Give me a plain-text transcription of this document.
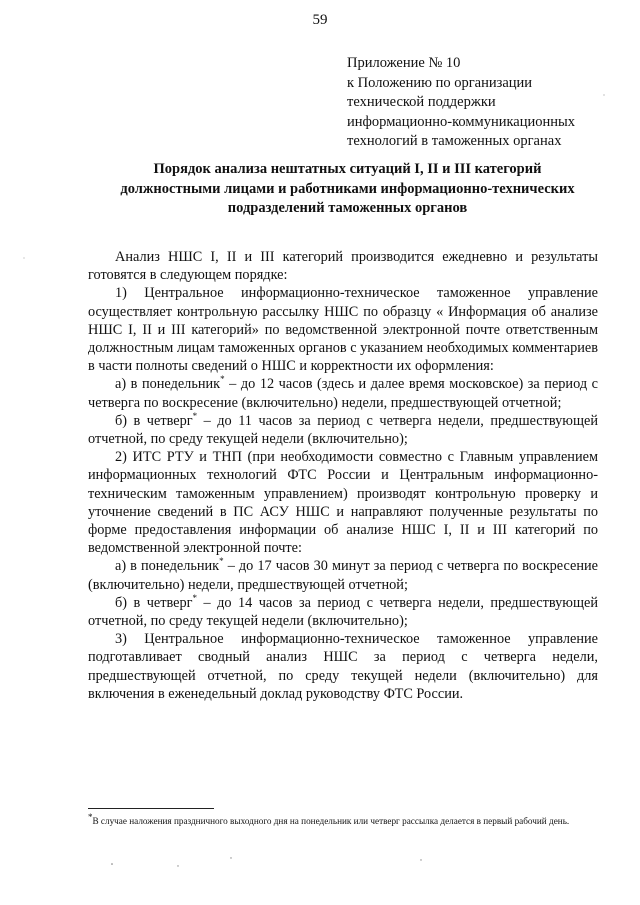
59
Приложение № 10
к Положению по организации
технической поддержки
информационно-коммуникационных
технологий в таможенных органах
Порядок анализа нештатных ситуаций I, II и III категорий
должностными лицами и работниками информационно-технических
подразделений таможенных органов

Анализ НШС I, II и III категорий производится ежедневно и результаты готовятся в следующем порядке:

1) Центральное информационно-техническое таможенное управление осуществляет контрольную рассылку НШС по образцу « Информация об анализе НШС I, II и III категорий» по ведомственной электронной почте ответственным должностным лицам таможенных органов с указанием необходимых комментариев в части полноты сведений о НШС и корректности их оформления:

а) в понедельник* – до 12 часов (здесь и далее время московское) за период с четверга по воскресение (включительно) недели, предшествующей отчетной;

б) в четверг* – до 11 часов за период с четверга недели, предшествующей отчетной, по среду текущей недели (включительно);

2) ИТС РТУ и ТНП (при необходимости совместно с Главным управлением информационных технологий ФТС России и Центральным информационно-техническим таможенным управлением) производят контрольную проверку и уточнение сведений в ПС АСУ НШС и направляют полученные результаты по форме предоставления информации об анализе НШС I, II и III категорий по ведомственной электронной почте:

а) в понедельник* – до 17 часов 30 минут за период с четверга по воскресение (включительно) недели, предшествующей отчетной;

б) в четверг* – до 14 часов за период с четверга недели, предшествующей отчетной, по среду текущей недели (включительно);

3) Центральное информационно-техническое таможенное управление подготавливает сводный анализ НШС за период с четверга недели, предшествующей отчетной, по среду текущей недели (включительно) для включения в еженедельный доклад руководству ФТС России.

*В случае наложения праздничного выходного дня на понедельник или четверг рассылка делается в первый рабочий день.
